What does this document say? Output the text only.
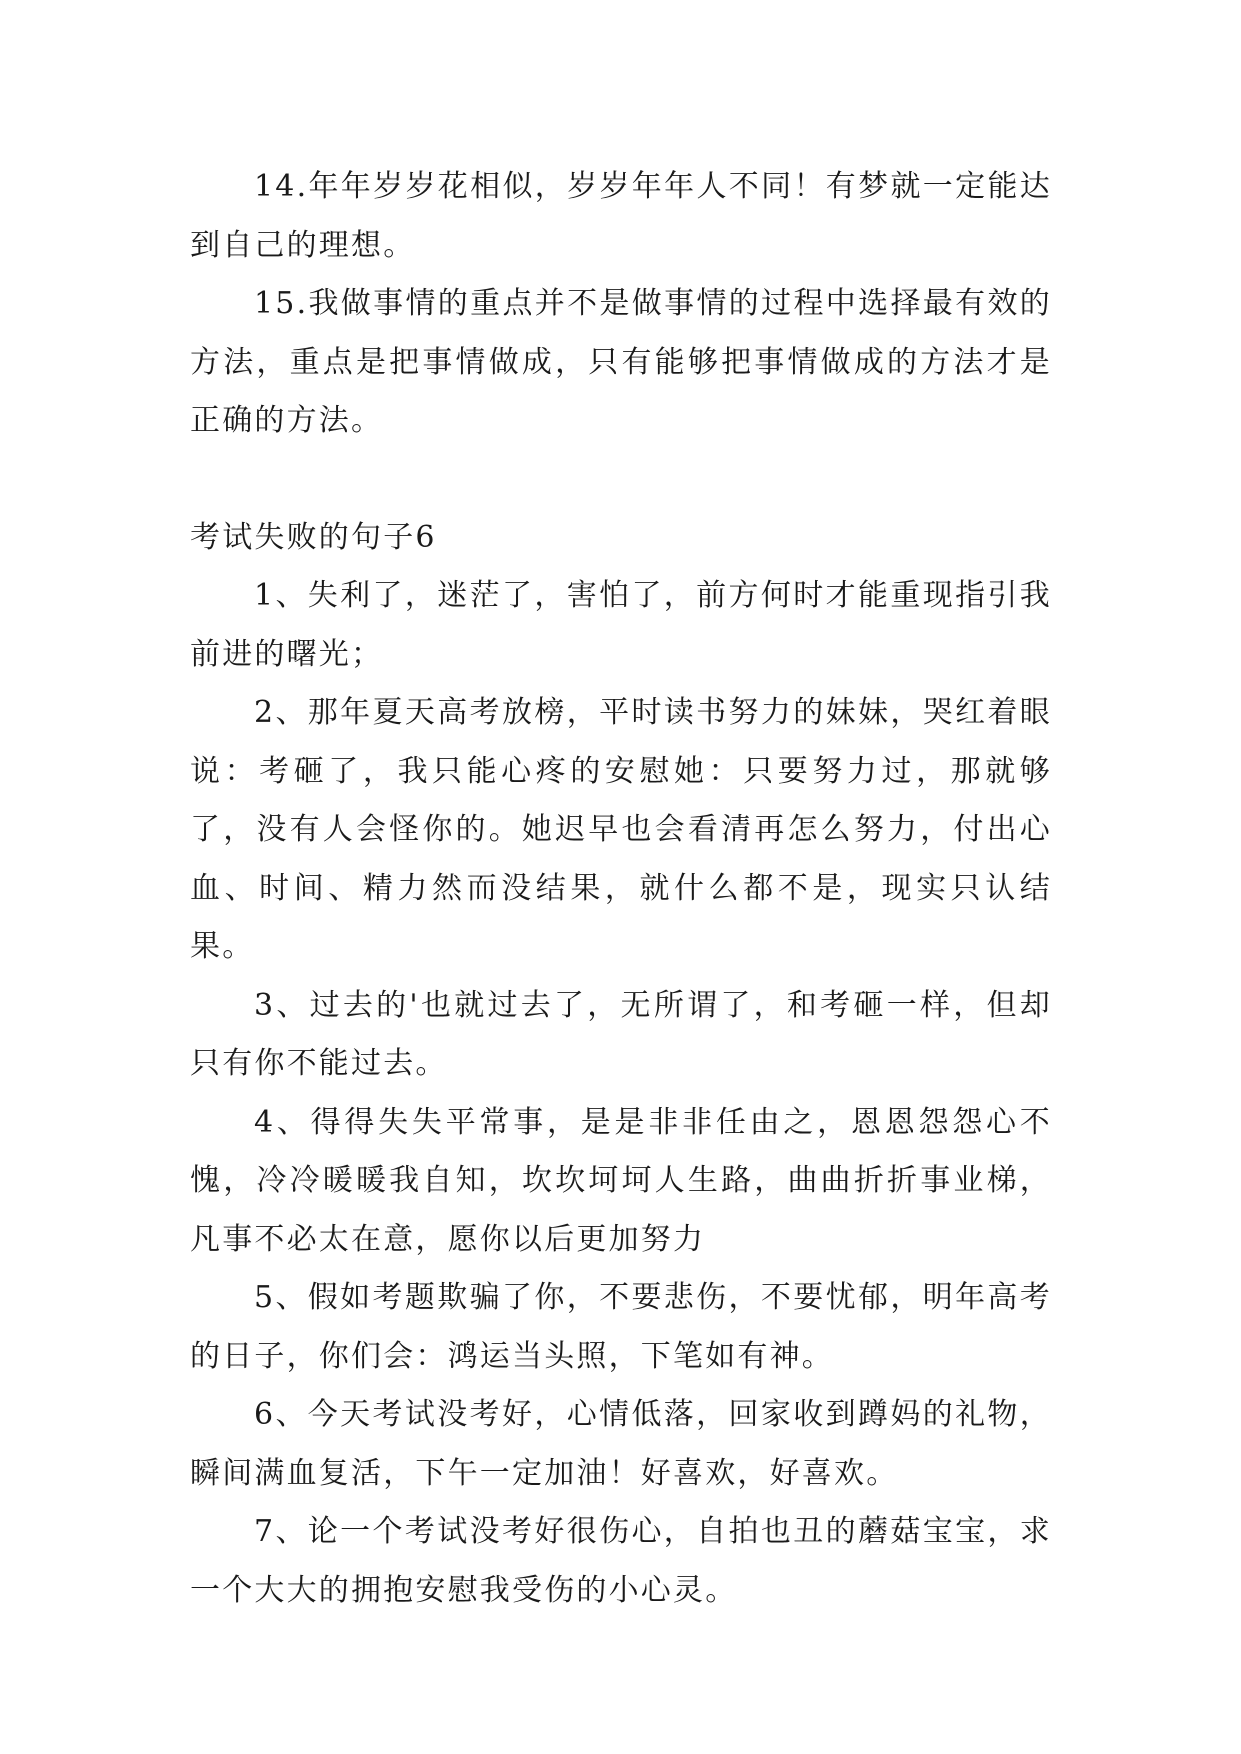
14.年年岁岁花相似，岁岁年年人不同！有梦就一定能达到自己的理想。

15.我做事情的重点并不是做事情的过程中选择最有效的方法，重点是把事情做成，只有能够把事情做成的方法才是正确的方法。

考试失败的句子6

1、失利了，迷茫了，害怕了，前方何时才能重现指引我前进的曙光；

2、那年夏天高考放榜，平时读书努力的妹妹，哭红着眼说：考砸了，我只能心疼的安慰她：只要努力过，那就够了，没有人会怪你的。她迟早也会看清再怎么努力，付出心血、时间、精力然而没结果，就什么都不是，现实只认结果。

3、过去的'也就过去了，无所谓了，和考砸一样，但却只有你不能过去。

4、得得失失平常事，是是非非任由之，恩恩怨怨心不愧，冷冷暖暖我自知，坎坎坷坷人生路，曲曲折折事业梯，凡事不必太在意，愿你以后更加努力

5、假如考题欺骗了你，不要悲伤，不要忧郁，明年高考的日子，你们会：鸿运当头照，下笔如有神。

6、今天考试没考好，心情低落，回家收到蹲妈的礼物，瞬间满血复活，下午一定加油！好喜欢，好喜欢。

7、论一个考试没考好很伤心，自拍也丑的蘑菇宝宝，求一个大大的拥抱安慰我受伤的小心灵。
